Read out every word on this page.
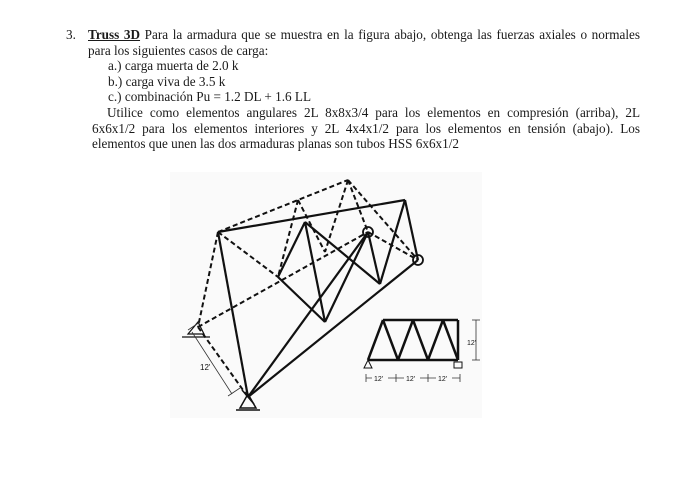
3. Truss 3D Para la armadura que se muestra en la figura abajo, obtenga las fuerzas axiales o normales para los siguientes casos de carga:
a.) carga muerta de 2.0 k
b.) carga viva de 3.5 k
c.) combinación Pu = 1.2 DL + 1.6 LL
Utilice como elementos angulares 2L 8x8x3/4 para los elementos en compresión (arriba), 2L 6x6x1/2 para los elementos interiores y 2L 4x4x1/2 para los elementos en tensión (abajo). Los elementos que unen las dos armaduras planas son tubos HSS 6x6x1/2
12'
12'
12'	12'	12'
